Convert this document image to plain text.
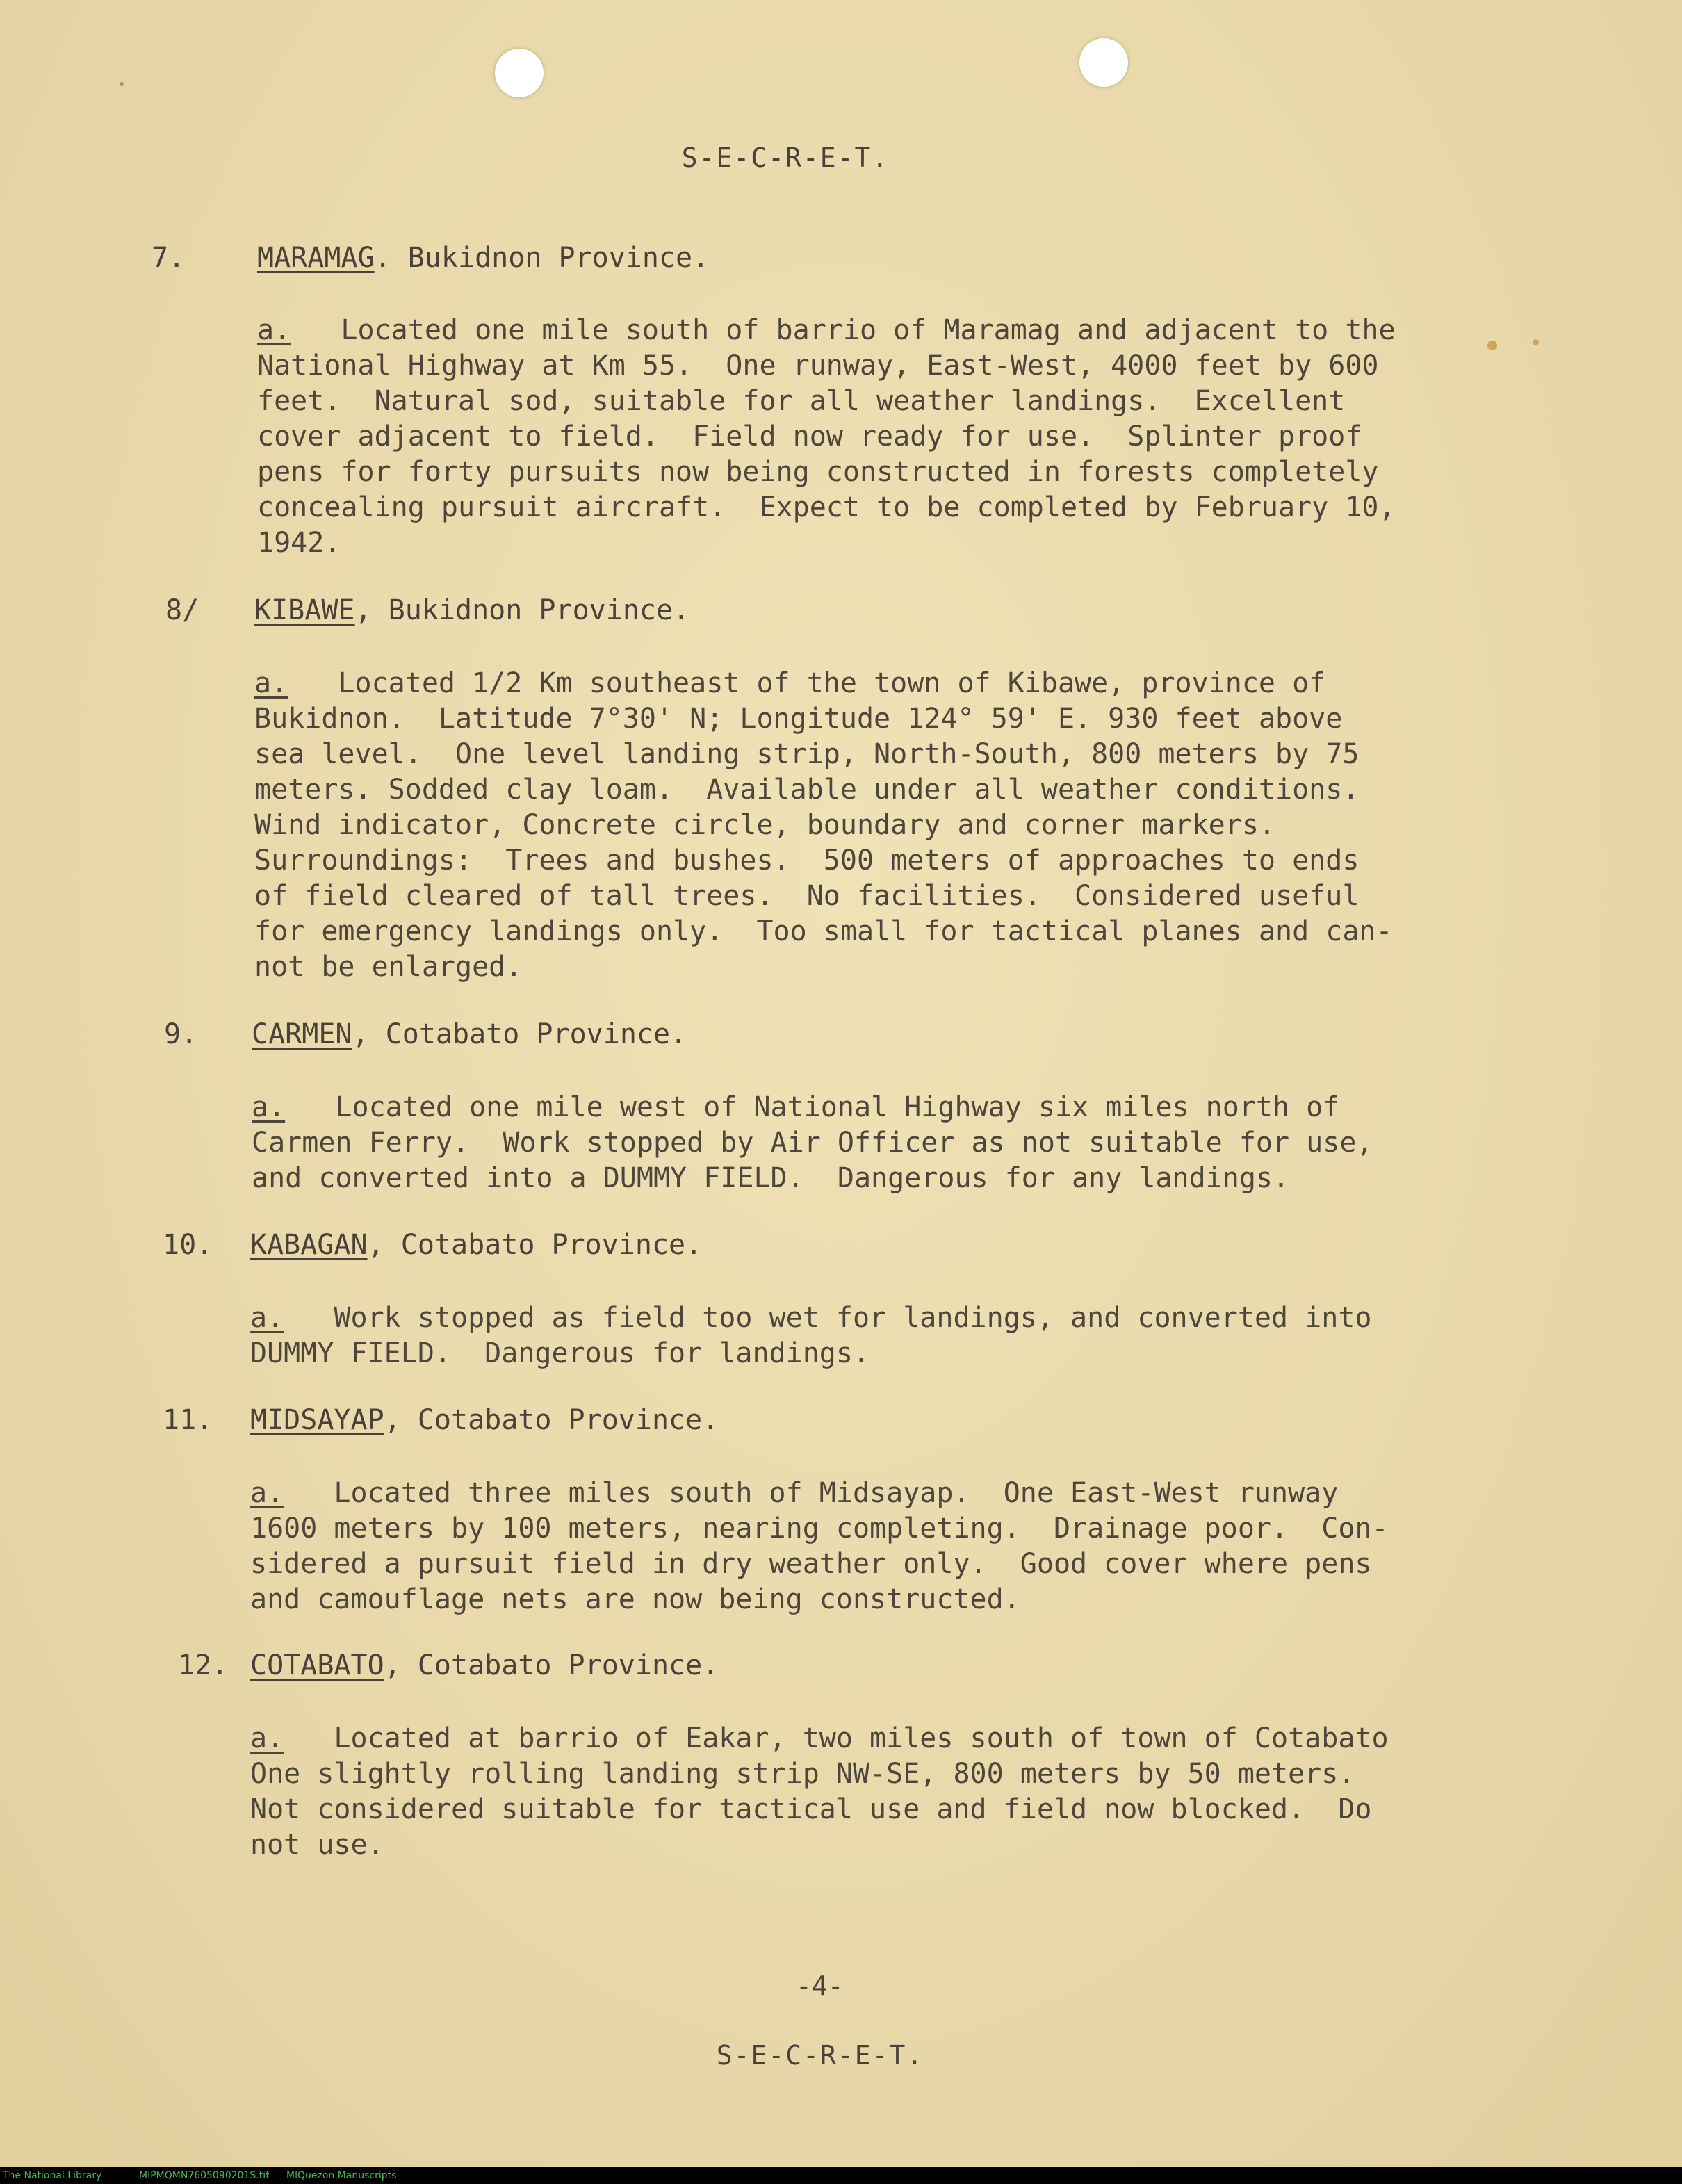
S-E-C-R-E-T.
7.	MARAMAG. Bukidnon Province.
a.   Located one mile south of barrio of Maramag and adjacent to the
National Highway at Km 55.  One runway, East-West, 4000 feet by 600
feet.  Natural sod, suitable for all weather landings.  Excellent
cover adjacent to field.  Field now ready for use.  Splinter proof
pens for forty pursuits now being constructed in forests completely
concealing pursuit aircraft.  Expect to be completed by February 10,
1942.
8/ KIBAWE, Bukidnon Province.
a.   Located 1/2 Km southeast of the town of Kibawe, province of
Bukidnon.  Latitude 7°30' N; Longitude 124° 59' E. 930 feet above
sea level.  One level landing strip, North-South, 800 meters by 75
meters. Sodded clay loam.  Available under all weather conditions.
Wind indicator, Concrete circle, boundary and corner markers.
Surroundings:  Trees and bushes.  500 meters of approaches to ends
of field cleared of tall trees.  No facilities.  Considered useful
for emergency landings only.  Too small for tactical planes and can-
not be enlarged.
9. CARMEN, Cotabato Province.
a.   Located one mile west of National Highway six miles north of
Carmen Ferry.  Work stopped by Air Officer as not suitable for use,
and converted into a DUMMY FIELD.  Dangerous for any landings.
10. KABAGAN, Cotabato Province.
a.   Work stopped as field too wet for landings, and converted into
DUMMY FIELD.  Dangerous for landings.
11. MIDSAYAP, Cotabato Province.
a.   Located three miles south of Midsayap.  One East-West runway
1600 meters by 100 meters, nearing completing.  Drainage poor.  Con-
sidered a pursuit field in dry weather only.  Good cover where pens
and camouflage nets are now being constructed.
12. COTABATO, Cotabato Province.
a.   Located at barrio of Eakar, two miles south of town of Cotabato
One slightly rolling landing strip NW-SE, 800 meters by 50 meters.
Not considered suitable for tactical use and field now blocked.  Do
not use.
-4-
S-E-C-R-E-T.
The National Library	MIPMQMN7605090201S.tif MlQuezon Manuscripts
